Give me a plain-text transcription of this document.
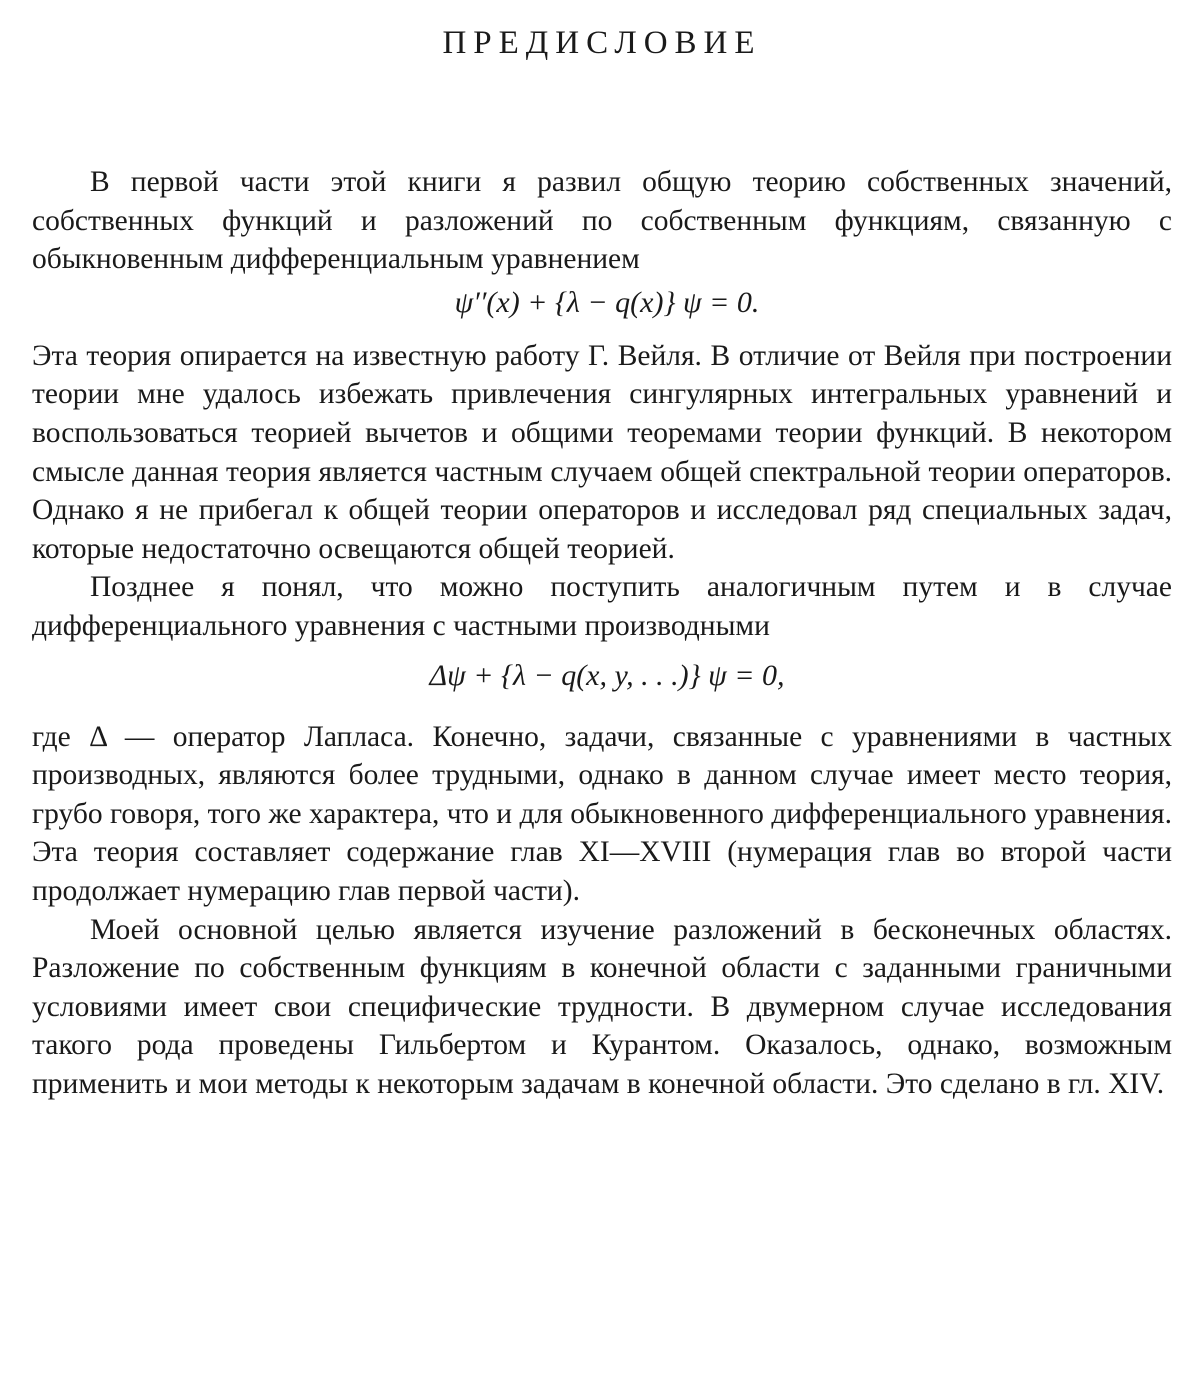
ПРЕДИСЛОВИЕ

В первой части этой книги я развил общую теорию собственных значений, собственных функций и разложений по собственным функциям, связанную с обыкновенным дифференциальным уравнением

ψ′′(x) + {λ − q(x)} ψ = 0.

Эта теория опирается на известную работу Г. Вейля. В отличие от Вейля при построении теории мне удалось избежать привлечения сингулярных интегральных уравнений и воспользоваться теорией вычетов и общими теоремами теории функций. В некотором смысле данная теория является частным случаем общей спектральной теории операторов. Однако я не прибегал к общей теории операторов и исследовал ряд специальных задач, которые недостаточно освещаются общей теорией.

Позднее я понял, что можно поступить аналогичным путем и в случае дифференциального уравнения с частными производными

Δψ + {λ − q(x, y, . . .)} ψ = 0,

где Δ — оператор Лапласа. Конечно, задачи, связанные с уравнениями в частных производных, являются более трудными, однако в данном случае имеет место теория, грубо говоря, того же характера, что и для обыкновенного дифференциального уравнения. Эта теория составляет содержание глав XI—XVIII (нумерация глав во второй части продолжает нумерацию глав первой части).

Моей основной целью является изучение разложений в бесконечных областях. Разложение по собственным функциям в конечной области с заданными граничными условиями имеет свои специфические трудности. В двумерном случае исследования такого рода проведены Гильбертом и Курантом. Оказалось, однако, возможным применить и мои методы к некоторым задачам в конечной области. Это сделано в гл. XIV.
